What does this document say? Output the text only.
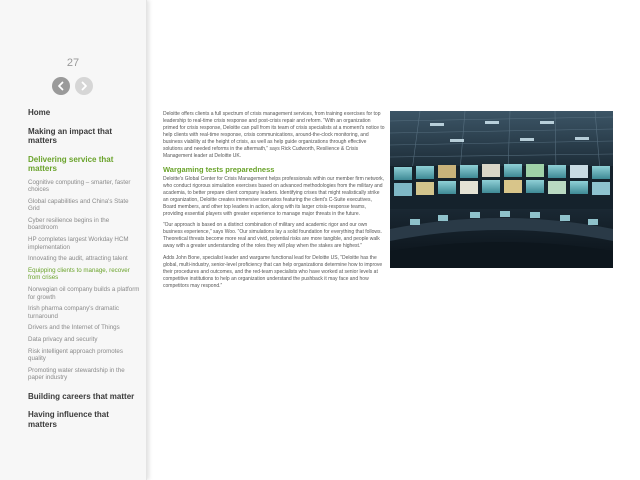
27
Home
Making an impact that matters
Delivering service that matters
Cognitive computing – smarter, faster choices
Global capabilities and China's State Grid
Cyber resilience begins in the boardroom
HP completes largest Workday HCM implementation
Innovating the audit, attracting talent
Equipping clients to manage, recover from crises
Norwegian oil company builds a platform for growth
Irish pharma company's dramatic turnaround
Drivers and the Internet of Things
Data privacy and security
Risk intelligent approach promotes quality
Promoting water stewardship in the paper industry
Building careers that matter
Having influence that matters

Deloitte offers clients a full spectrum of crisis management services, from training exercises for top leadership to real-time crisis response and post-crisis repair and reform. “With an organization primed for crisis response, Deloitte can pull from its team of crisis specialists at a moment's notice to help clients with real-time response, crisis communications, around-the-clock monitoring, and business viability at the height of crisis, as well as help guide organizations through effective solutions and needed reforms in the aftermath,” says Rick Cudworth, Resilience & Crisis Management leader at Deloitte UK.

Wargaming tests preparedness

Deloitte's Global Center for Crisis Management helps professionals within our member firm network, who conduct rigorous simulation exercises based on advanced methodologies from the military and academia, to better prepare client company leaders. Identifying crises that might realistically strike an organization, Deloitte creates immersive scenarios featuring the client's C-Suite executives, Board members, and other top leaders in action, along with its larger crisis-response teams, providing essential players with greater experience to manage major threats in the future.

“Our approach is based on a distinct combination of military and academic rigor and our own business experience,” says Woo. “Our simulations lay a solid foundation for everything that follows. Theoretical threats become more real and vivid, potential risks are more tangible, and people walk away with a greater understanding of the roles they will play when the stakes are highest.”

Adds John Bone, specialist leader and wargame functional lead for Deloitte US, “Deloitte has the global, multi-industry, senior-level proficiency that can help organizations determine how to improve their procedures and outcomes, and the red-team specialists who have worked at senior levels at competitive institutions to help an organization understand the pushback it may face and how competitors may respond.”
